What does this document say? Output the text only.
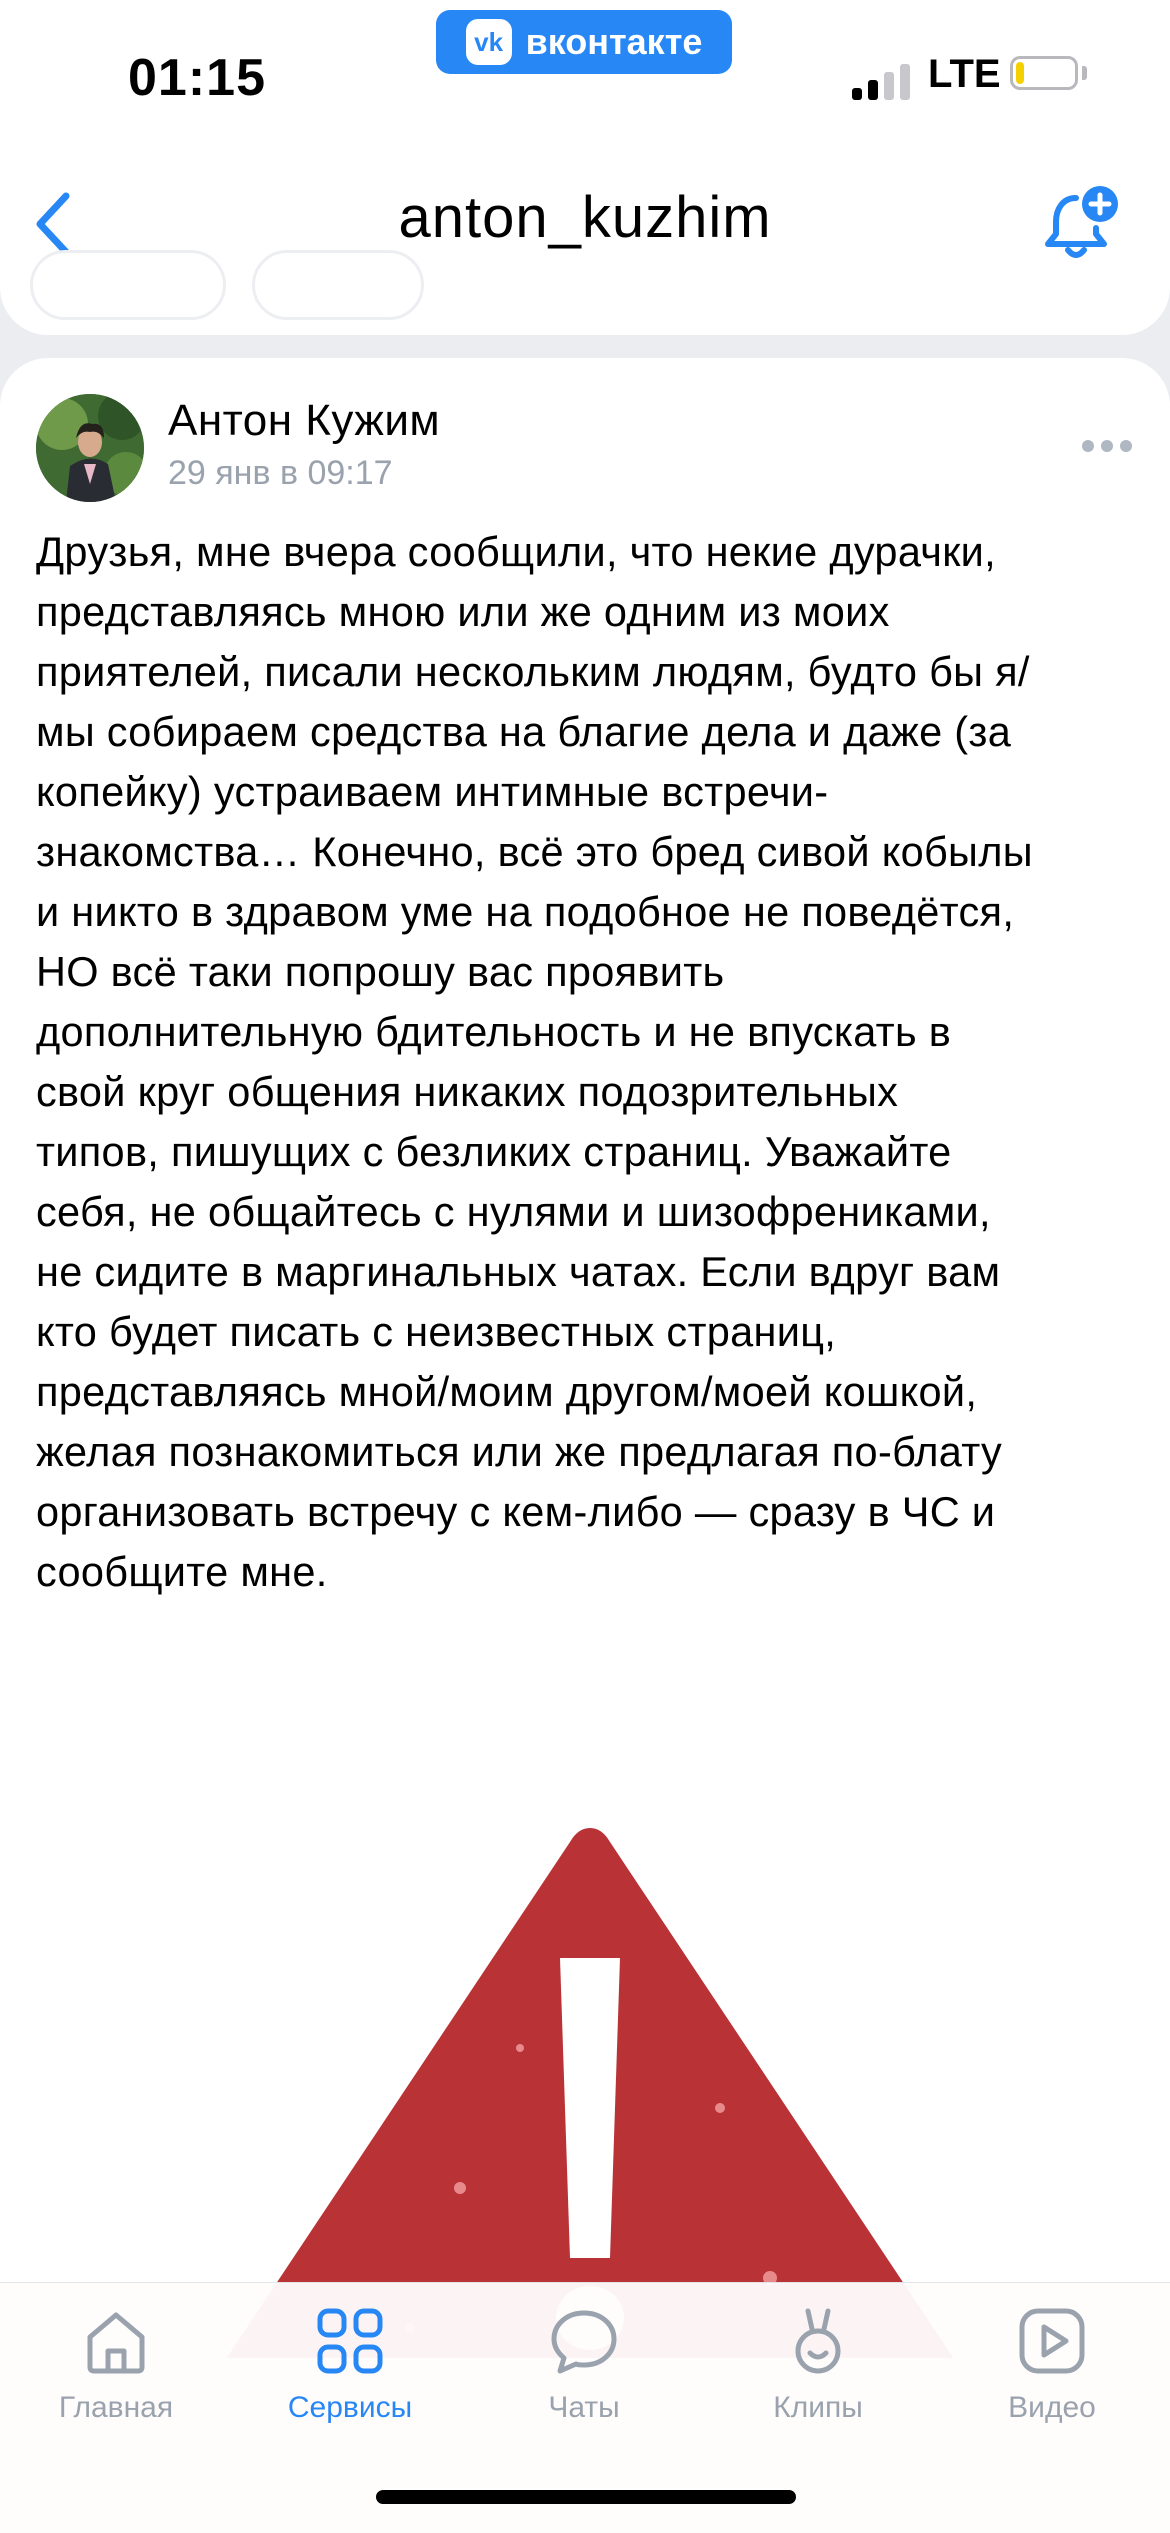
01:15
vk вконтакте
LTE
anton_kuzhim
Антон Кужим
29 янв в 09:17
Друзья, мне вчера сообщили, что некие дурачки,
представляясь мною или же одним из моих
приятелей, писали нескольким людям, будто бы я/
мы собираем средства на благие дела и даже (за
копейку) устраиваем интимные встречи-
знакомства… Конечно, всё это бред сивой кобылы
и никто в здравом уме на подобное не поведётся,
НО всё таки попрошу вас проявить
дополнительную бдительность и не впускать в
свой круг общения никаких подозрительных
типов, пишущих с безликих страниц. Уважайте
себя, не общайтесь с нулями и шизофрениками,
не сидите в маргинальных чатах. Если вдруг вам
кто будет писать с неизвестных страниц,
представляясь мной/моим другом/моей кошкой,
желая познакомиться или же предлагая по-блату
организовать встречу с кем-либо — сразу в ЧС и
сообщите мне.
Главная	Сервисы	Чаты	Клипы	Видео
